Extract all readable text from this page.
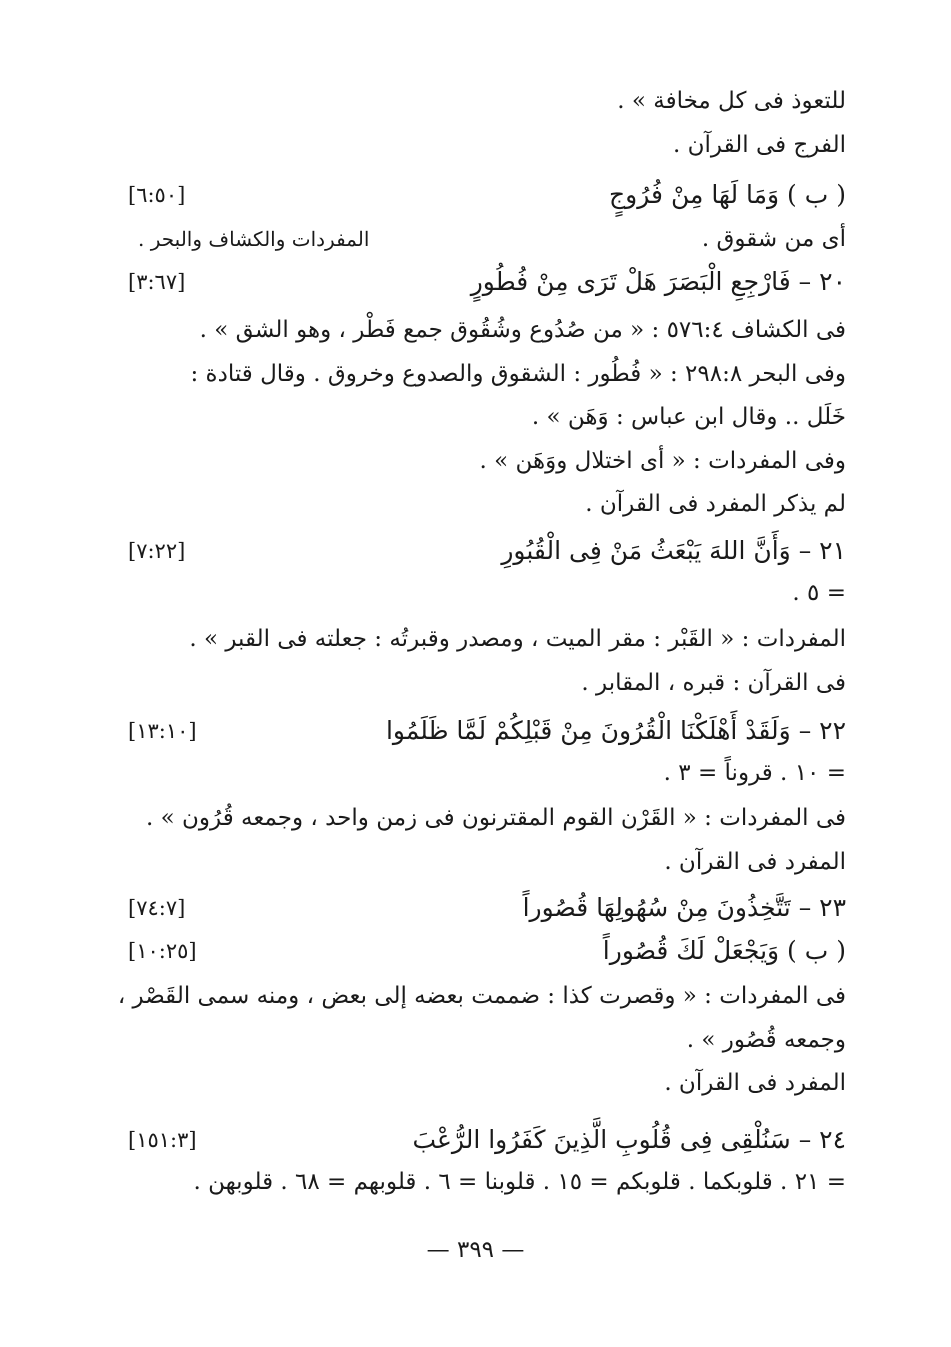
للتعوذ فى كل مخافة » .
الفرج فى القرآن .
( ب ) وَمَا لَهَا مِنْ فُرُوجٍ
[٦:٥٠]
أى من شقوق .
المفردات والكشاف والبحر .
٢٠ – فَارْجِعِ الْبَصَرَ هَلْ تَرَى مِنْ فُطُورٍ
[٣:٦٧]
فى الكشاف ٥٧٦:٤ : « من صُدُوع وشُقُوق جمع فَطْر ، وهو الشق » .
وفى البحر ٢٩٨:٨ : « فُطُور : الشقوق والصدوع وخروق . وقال قتادة :
خَلَل .. وقال ابن عباس : وَهَن » .
وفى المفردات : « أى اختلال ووَهَن » .
لم يذكر المفرد فى القرآن .
٢١ – وَأَنَّ اللهَ يَبْعَثُ مَنْ فِى الْقُبُورِ
[٧:٢٢]
= ٥ .
المفردات : « القَبْر : مقر الميت ، ومصدر وقبرتُه : جعلته فى القبر » .
فى القرآن : قبره ، المقابر .
٢٢ – وَلَقَدْ أَهْلَكْنَا الْقُرُونَ مِنْ قَبْلِكُمْ لَمَّا ظَلَمُوا
[١٣:١٠]
= ١٠ . قروناً = ٣ .
فى المفردات : « القَرْن القوم المقترنون فى زمن واحد ، وجمعه قُرُون » .
المفرد فى القرآن .
٢٣ – تَتَّخِذُونَ مِنْ سُهُولِهَا قُصُوراً
[٧٤:٧]
( ب ) وَيَجْعَلْ لَكَ قُصُوراً
[١٠:٢٥]
فى المفردات : « وقصرت كذا : ضممت بعضه إلى بعض ، ومنه سمى القَصْر ،
وجمعه قُصُور » .
المفرد فى القرآن .
٢٤ – سَنُلْقِى فِى قُلُوبِ الَّذِينَ كَفَرُوا الرُّعْبَ
[١٥١:٣]
= ٢١ . قلوبكما . قلوبكم = ١٥ . قلوبنا = ٦ . قلوبهم = ٦٨ . قلوبهن .
— ٣٩٩ —
